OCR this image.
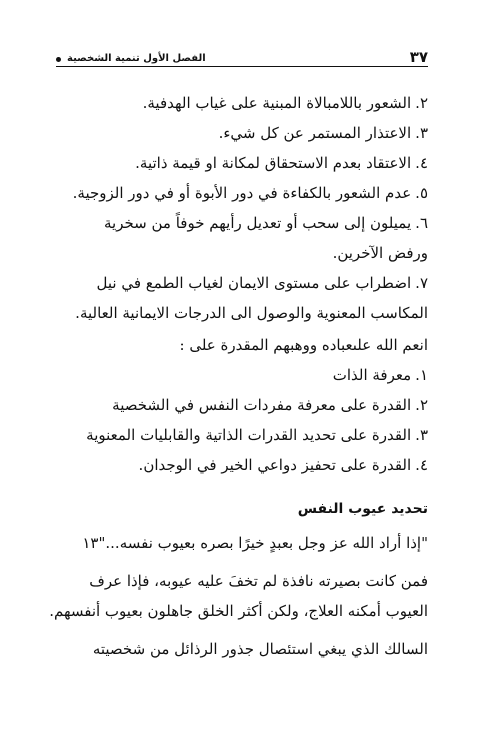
٣٧
الفصل الأول تنمية الشخصية
٢.
الشعور باللامبالاة المبنية على غياب الهدفية.
٣.
الاعتذار المستمر عن كل شيء.
٤.
الاعتقاد بعدم الاستحقاق لمكانة او قيمة ذاتية.
٥.
عدم الشعور بالكفاءة في دور الأبوة أو في دور الزوجية.
٦.
يميلون إلى سحب أو تعديل رأيهم خوفاً من سخرية
ورفض الآخرين.
٧.
اضطراب على مستوى الايمان لغياب الطمع في نيل
المكاسب المعنوية والوصول الى الدرجات الايمانية العالية.
انعم الله علىعباده ووهبهم المقدرة على :
١.
معرفة الذات
٢.
القدرة على معرفة مفردات النفس في الشخصية
٣.
القدرة على تحديد القدرات الذاتية والقابليات المعنوية
٤.
القدرة على تحفيز دواعي الخير في الوجدان.
تحديد عيوب النفس
"إذا أراد الله عز وجل بعبدٍ خيرًا بصره بعيوب نفسه..."١٣
فمن كانت بصيرته نافذة لم تخفَ عليه عيوبه، فإذا عرف
العيوب أمكنه العلاج، ولكن أكثر الخلق جاهلون بعيوب أنفسهم.
السالك الذي يبغي استئصال جذور الرذائل من شخصيته
